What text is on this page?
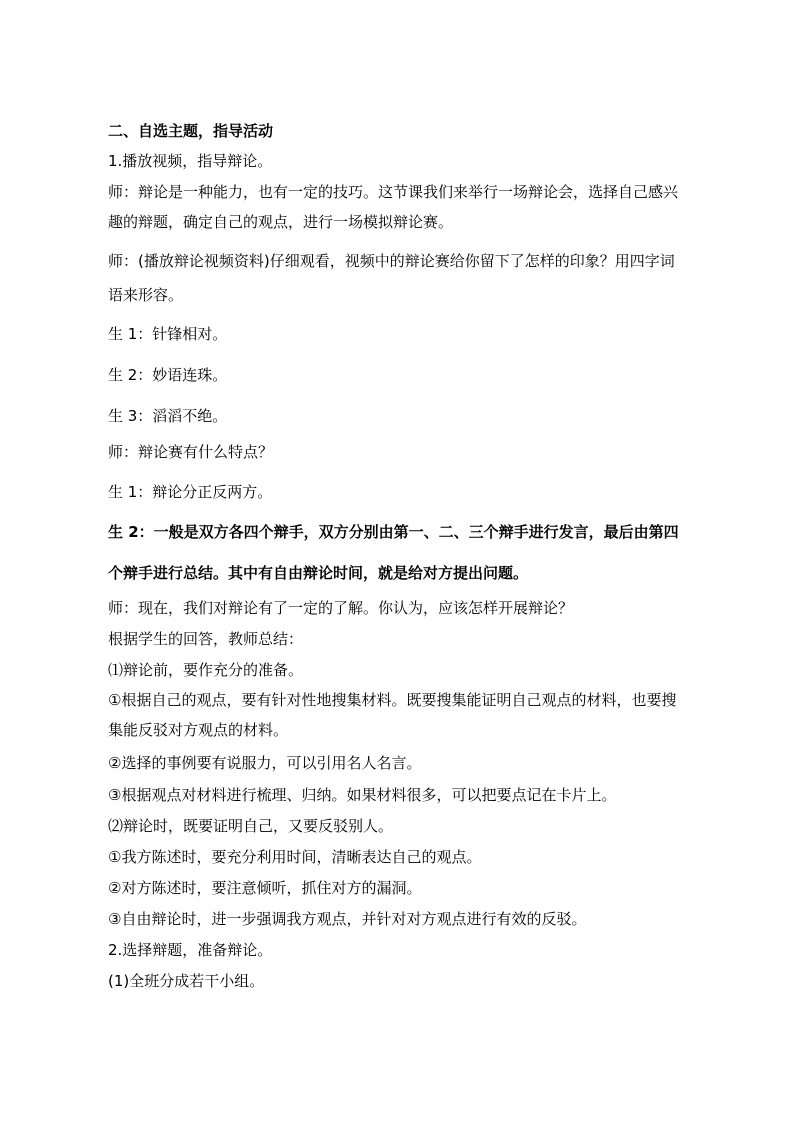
二、自选主题，指导活动
1.播放视频，指导辩论。
师：辩论是一种能力，也有一定的技巧。这节课我们来举行一场辩论会，选择自己感兴
趣的辩题，确定自己的观点，进行一场模拟辩论赛。
师：(播放辩论视频资料)仔细观看，视频中的辩论赛给你留下了怎样的印象？用四字词
语来形容。
生 1：针锋相对。
生 2：妙语连珠。
生 3：滔滔不绝。
师：辩论赛有什么特点？
生 1：辩论分正反两方。
生 2：一般是双方各四个辩手，双方分别由第一、二、三个辩手进行发言，最后由第四
个辩手进行总结。其中有自由辩论时间，就是给对方提出问题。
师：现在，我们对辩论有了一定的了解。你认为，应该怎样开展辩论？
根据学生的回答，教师总结：
⑴辩论前，要作充分的准备。
①根据自己的观点，要有针对性地搜集材料。既要搜集能证明自己观点的材料，也要搜
集能反驳对方观点的材料。
②选择的事例要有说服力，可以引用名人名言。
③根据观点对材料进行梳理、归纳。如果材料很多，可以把要点记在卡片上。
⑵辩论时，既要证明自己，又要反驳别人。
①我方陈述时，要充分利用时间，清晰表达自己的观点。
②对方陈述时，要注意倾听，抓住对方的漏洞。
③自由辩论时，进一步强调我方观点，并针对对方观点进行有效的反驳。
2.选择辩题，准备辩论。
(1)全班分成若干小组。
